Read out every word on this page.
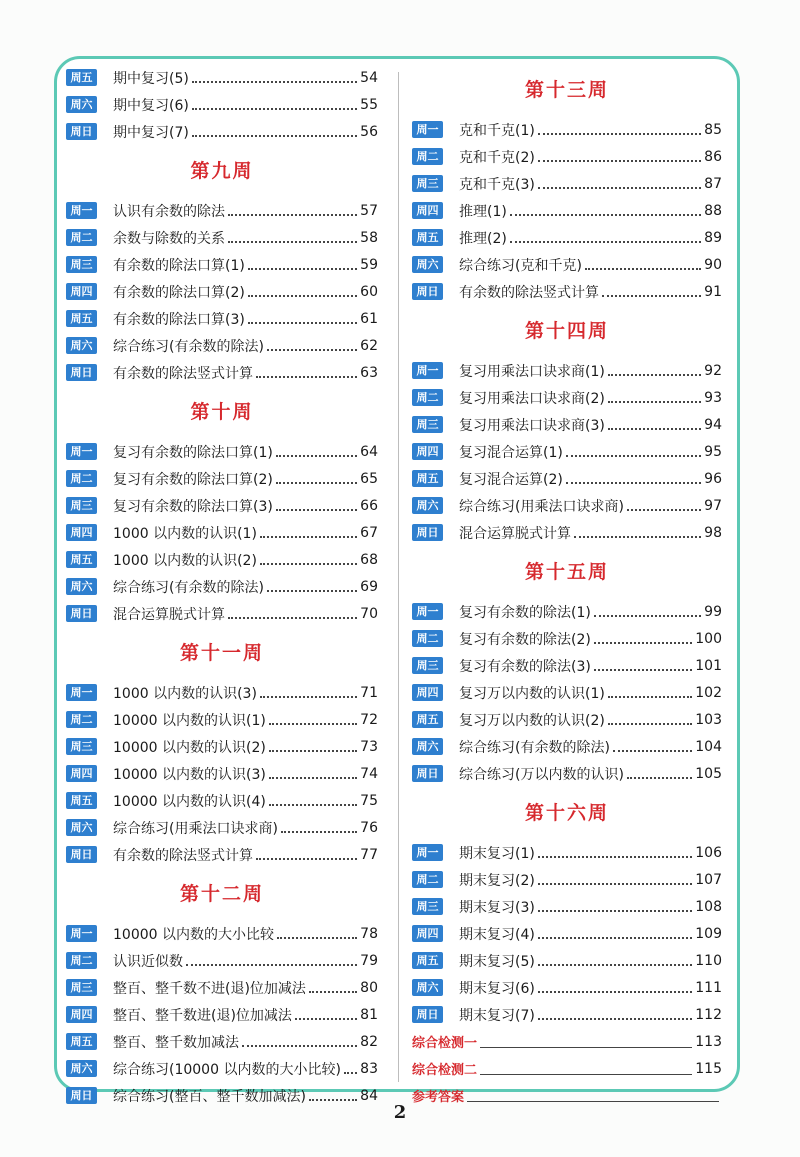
周五	期中复习(5)	54
周六	期中复习(6)	55
周日	期中复习(7)	56
第九周
周一	认识有余数的除法	57
周二	余数与除数的关系	58
周三	有余数的除法口算(1)	59
周四	有余数的除法口算(2)	60
周五	有余数的除法口算(3)	61
周六	综合练习(有余数的除法)	62
周日	有余数的除法竖式计算	63
第十周
周一	复习有余数的除法口算(1)	64
周二	复习有余数的除法口算(2)	65
周三	复习有余数的除法口算(3)	66
周四	1000 以内数的认识(1)	67
周五	1000 以内数的认识(2)	68
周六	综合练习(有余数的除法)	69
周日	混合运算脱式计算	70
第十一周
周一	1000 以内数的认识(3)	71
周二	10000 以内数的认识(1)	72
周三	10000 以内数的认识(2)	73
周四	10000 以内数的认识(3)	74
周五	10000 以内数的认识(4)	75
周六	综合练习(用乘法口诀求商)	76
周日	有余数的除法竖式计算	77
第十二周
周一	10000 以内数的大小比较	78
周二	认识近似数	79
周三	整百、整千数不进(退)位加减法	80
周四	整百、整千数进(退)位加减法	81
周五	整百、整千数加减法	82
周六	综合练习(10000 以内数的大小比较) 83
周日	综合练习(整百、整千数加减法)	84
第十三周
周一	克和千克(1)	85
周二	克和千克(2)	86
周三	克和千克(3)	87
周四	推理(1)	88
周五	推理(2)	89
周六	综合练习(克和千克)	90
周日	有余数的除法竖式计算	91
第十四周
周一	复习用乘法口诀求商(1)	92
周二	复习用乘法口诀求商(2)	93
周三	复习用乘法口诀求商(3)	94
周四	复习混合运算(1)	95
周五	复习混合运算(2)	96
周六	综合练习(用乘法口诀求商)	97
周日	混合运算脱式计算	98
第十五周
周一	复习有余数的除法(1)	99
周二	复习有余数的除法(2)	100
周三	复习有余数的除法(3)	101
周四	复习万以内数的认识(1)	102
周五	复习万以内数的认识(2)	103
周六	综合练习(有余数的除法)	104
周日	综合练习(万以内数的认识)	105
第十六周
周一	期末复习(1)	106
周二	期末复习(2)	107
周三	期末复习(3)	108
周四	期末复习(4)	109
周五	期末复习(5)	110
周六	期末复习(6)	111
周日	期末复习(7)	112
综合检测一	113
综合检测二	115
参考答案
2
